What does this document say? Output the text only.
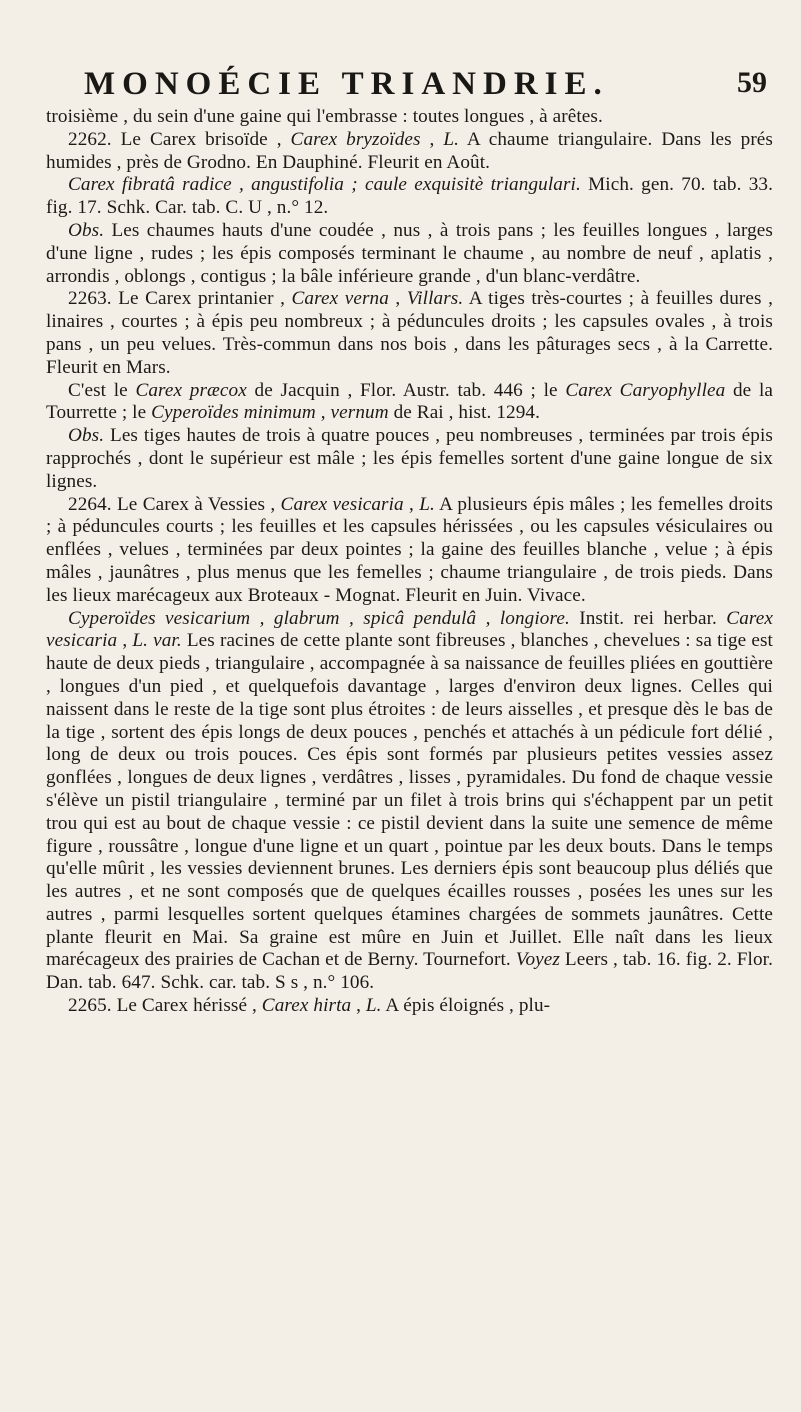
MONOÉCIE TRIANDRIE.	59

troisième , du sein d'une gaine qui l'embrasse : toutes longues , à arêtes.

2262. Le Carex brisoïde , Carex bryzoïdes , L. A chaume triangulaire. Dans les prés humides , près de Grodno. En Dauphiné. Fleurit en Août.

Carex fibratâ radice , angustifolia ; caule exquisitè triangulari. Mich. gen. 70. tab. 33. fig. 17. Schk. Car. tab. C. U , n.° 12.

Obs. Les chaumes hauts d'une coudée , nus , à trois pans ; les feuilles longues , larges d'une ligne , rudes ; les épis composés terminant le chaume , au nombre de neuf , aplatis , arrondis , oblongs , contigus ; la bâle inférieure grande , d'un blanc-verdâtre.

2263. Le Carex printanier , Carex verna , Villars. A tiges très-courtes ; à feuilles dures , linaires , courtes ; à épis peu nombreux ; à péduncules droits ; les capsules ovales , à trois pans , un peu velues. Très-commun dans nos bois , dans les pâturages secs , à la Carrette. Fleurit en Mars.

C'est le Carex præcox de Jacquin , Flor. Austr. tab. 446 ; le Carex Caryophyllea de la Tourrette ; le Cyperoïdes minimum , vernum de Rai , hist. 1294.

Obs. Les tiges hautes de trois à quatre pouces , peu nombreuses , terminées par trois épis rapprochés , dont le supérieur est mâle ; les épis femelles sortent d'une gaine longue de six lignes.

2264. Le Carex à Vessies , Carex vesicaria , L. A plusieurs épis mâles ; les femelles droits ; à péduncules courts ; les feuilles et les capsules hérissées , ou les capsules vésiculaires ou enflées , velues , terminées par deux pointes ; la gaine des feuilles blanche , velue ; à épis mâles , jaunâtres , plus menus que les femelles ; chaume triangulaire , de trois pieds. Dans les lieux marécageux aux Broteaux - Mognat. Fleurit en Juin. Vivace.

Cyperoïdes vesicarium , glabrum , spicâ pendulâ , longiore. Instit. rei herbar. Carex vesicaria , L. var. Les racines de cette plante sont fibreuses , blanches , chevelues : sa tige est haute de deux pieds , triangulaire , accompagnée à sa naissance de feuilles pliées en gouttière , longues d'un pied , et quelquefois davantage , larges d'environ deux lignes. Celles qui naissent dans le reste de la tige sont plus étroites : de leurs aisselles , et presque dès le bas de la tige , sortent des épis longs de deux pouces , penchés et attachés à un pédicule fort délié , long de deux ou trois pouces. Ces épis sont formés par plusieurs petites vessies assez gonflées , longues de deux lignes , verdâtres , lisses , pyramidales. Du fond de chaque vessie s'élève un pistil triangulaire , terminé par un filet à trois brins qui s'échappent par un petit trou qui est au bout de chaque vessie : ce pistil devient dans la suite une semence de même figure , roussâtre , longue d'une ligne et un quart , pointue par les deux bouts. Dans le temps qu'elle mûrit , les vessies deviennent brunes. Les derniers épis sont beaucoup plus déliés que les autres , et ne sont composés que de quelques écailles rousses , posées les unes sur les autres , parmi lesquelles sortent quelques étamines chargées de sommets jaunâtres. Cette plante fleurit en Mai. Sa graine est mûre en Juin et Juillet. Elle naît dans les lieux marécageux des prairies de Cachan et de Berny. Tournefort. Voyez Leers , tab. 16. fig. 2. Flor. Dan. tab. 647. Schk. car. tab. S s , n.° 106.

2265. Le Carex hérissé , Carex hirta , L. A épis éloignés , plu-
